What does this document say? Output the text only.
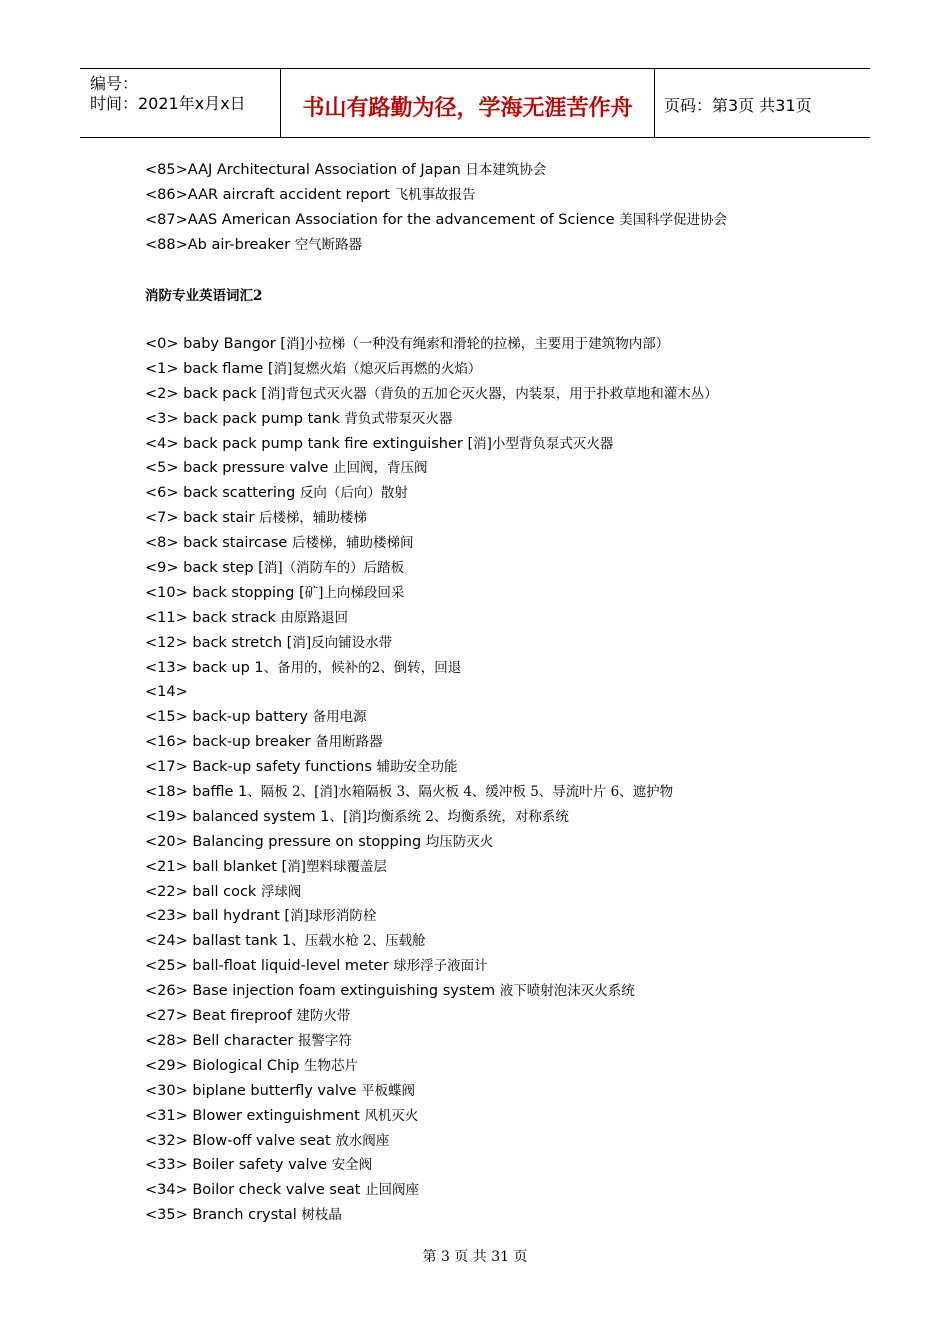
编号：
时间：2021年x月x日	书山有路勤为径，学海无涯苦作舟	页码：第3页 共31页
<85>AAJ Architectural Association of Japan 日本建筑协会
<86>AAR aircraft accident report 飞机事故报告
<87>AAS American Association for the advancement of Science 美国科学促进协会
<88>Ab air-breaker 空气断路器
消防专业英语词汇2
<0> baby Bangor [消]小拉梯（一种没有绳索和滑轮的拉梯，主要用于建筑物内部）
<1> back flame [消]复燃火焰（熄灭后再燃的火焰）
<2> back pack [消]背包式灭火器（背负的五加仑灭火器，内装泵，用于扑救草地和灌木丛）
<3> back pack pump tank 背负式带泵灭火器
<4> back pack pump tank fire extinguisher [消]小型背负泵式灭火器
<5> back pressure valve 止回阀，背压阀
<6> back scattering 反向（后向）散射
<7> back stair 后楼梯，辅助楼梯
<8> back staircase 后楼梯，辅助楼梯间
<9> back step [消]（消防车的）后踏板
<10> back stopping [矿]上向梯段回采
<11> back strack 由原路退回
<12> back stretch [消]反向铺设水带
<13> back up 1、备用的，候补的2、倒转，回退
<14>
<15> back-up battery 备用电源
<16> back-up breaker 备用断路器
<17> Back-up safety functions 辅助安全功能
<18> baffle 1、隔板 2、[消]水箱隔板 3、隔火板 4、缓冲板 5、导流叶片 6、遮护物
<19> balanced system 1、[消]均衡系统 2、均衡系统，对称系统
<20> Balancing pressure on stopping 均压防灭火
<21> ball blanket [消]塑料球覆盖层
<22> ball cock 浮球阀
<23> ball hydrant [消]球形消防栓
<24> ballast tank 1、压载水枪 2、压载舱
<25> ball-float liquid-level meter 球形浮子液面计
<26> Base injection foam extinguishing system 液下喷射泡沫灭火系统
<27> Beat fireproof 建防火带
<28> Bell character 报警字符
<29> Biological Chip 生物芯片
<30> biplane butterfly valve 平板蝶阀
<31> Blower extinguishment 风机灭火
<32> Blow-off valve seat 放水阀座
<33> Boiler safety valve 安全阀
<34> Boilor check valve seat 止回阀座
<35> Branch crystal 树枝晶
第 3 页 共 31 页
